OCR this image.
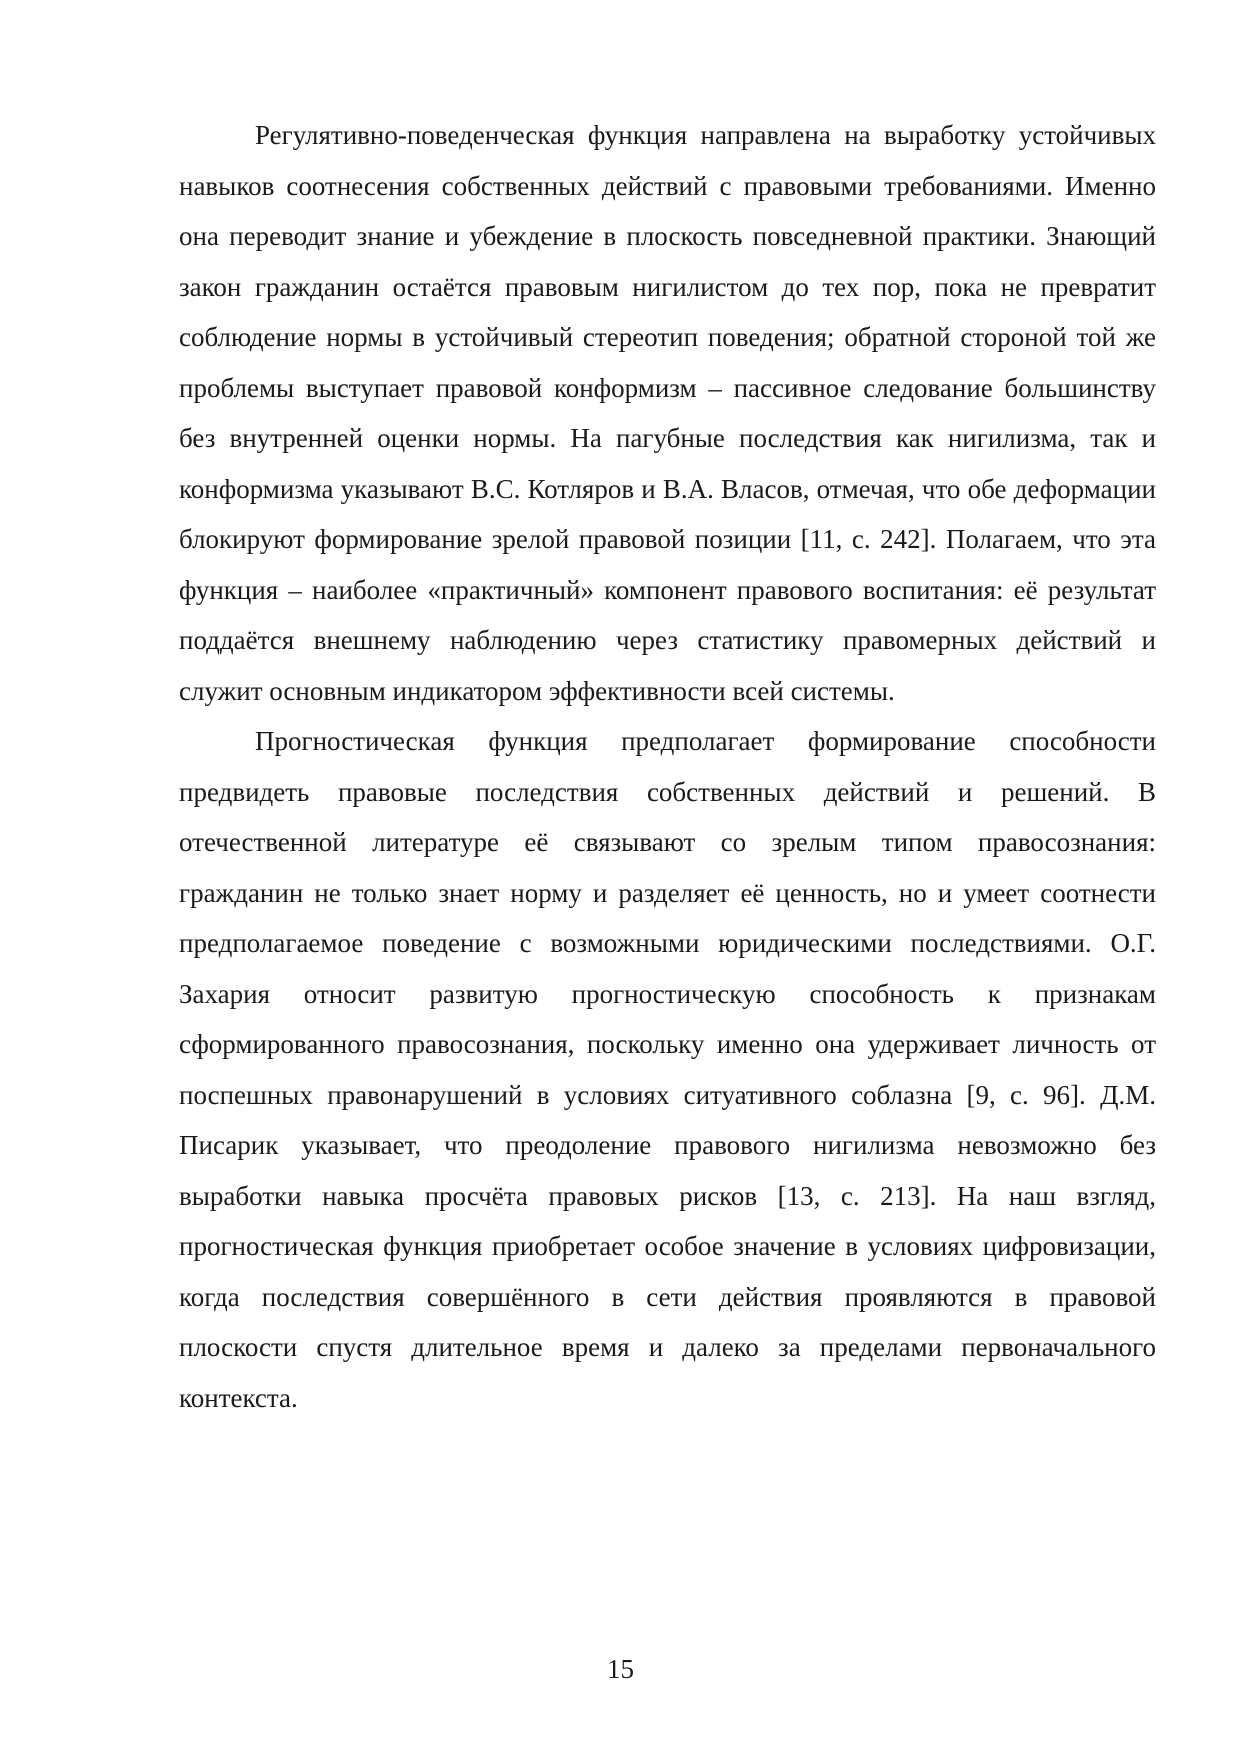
Регулятивно-поведенческая функция направлена на выработку устойчивых навыков соотнесения собственных действий с правовыми требованиями. Именно она переводит знание и убеждение в плоскость повседневной практики. Знающий закон гражданин остаётся правовым нигилистом до тех пор, пока не превратит соблюдение нормы в устойчивый стереотип поведения; обратной стороной той же проблемы выступает правовой конформизм – пассивное следование большинству без внутренней оценки нормы. На пагубные последствия как нигилизма, так и конформизма указывают В.С. Котляров и В.А. Власов, отмечая, что обе деформации блокируют формирование зрелой правовой позиции [11, с. 242]. Полагаем, что эта функция – наиболее «практичный» компонент правового воспитания: её результат поддаётся внешнему наблюдению через статистику правомерных действий и служит основным индикатором эффективности всей системы.

Прогностическая функция предполагает формирование способности предвидеть правовые последствия собственных действий и решений. В отечественной литературе её связывают со зрелым типом правосознания: гражданин не только знает норму и разделяет её ценность, но и умеет соотнести предполагаемое поведение с возможными юридическими последствиями. О.Г. Захария относит развитую прогностическую способность к признакам сформированного правосознания, поскольку именно она удерживает личность от поспешных правонарушений в условиях ситуативного соблазна [9, с. 96]. Д.М. Писарик указывает, что преодоление правового нигилизма невозможно без выработки навыка просчёта правовых рисков [13, с. 213]. На наш взгляд, прогностическая функция приобретает особое значение в условиях цифровизации, когда последствия совершённого в сети действия проявляются в правовой плоскости спустя длительное время и далеко за пределами первоначального контекста.

15
